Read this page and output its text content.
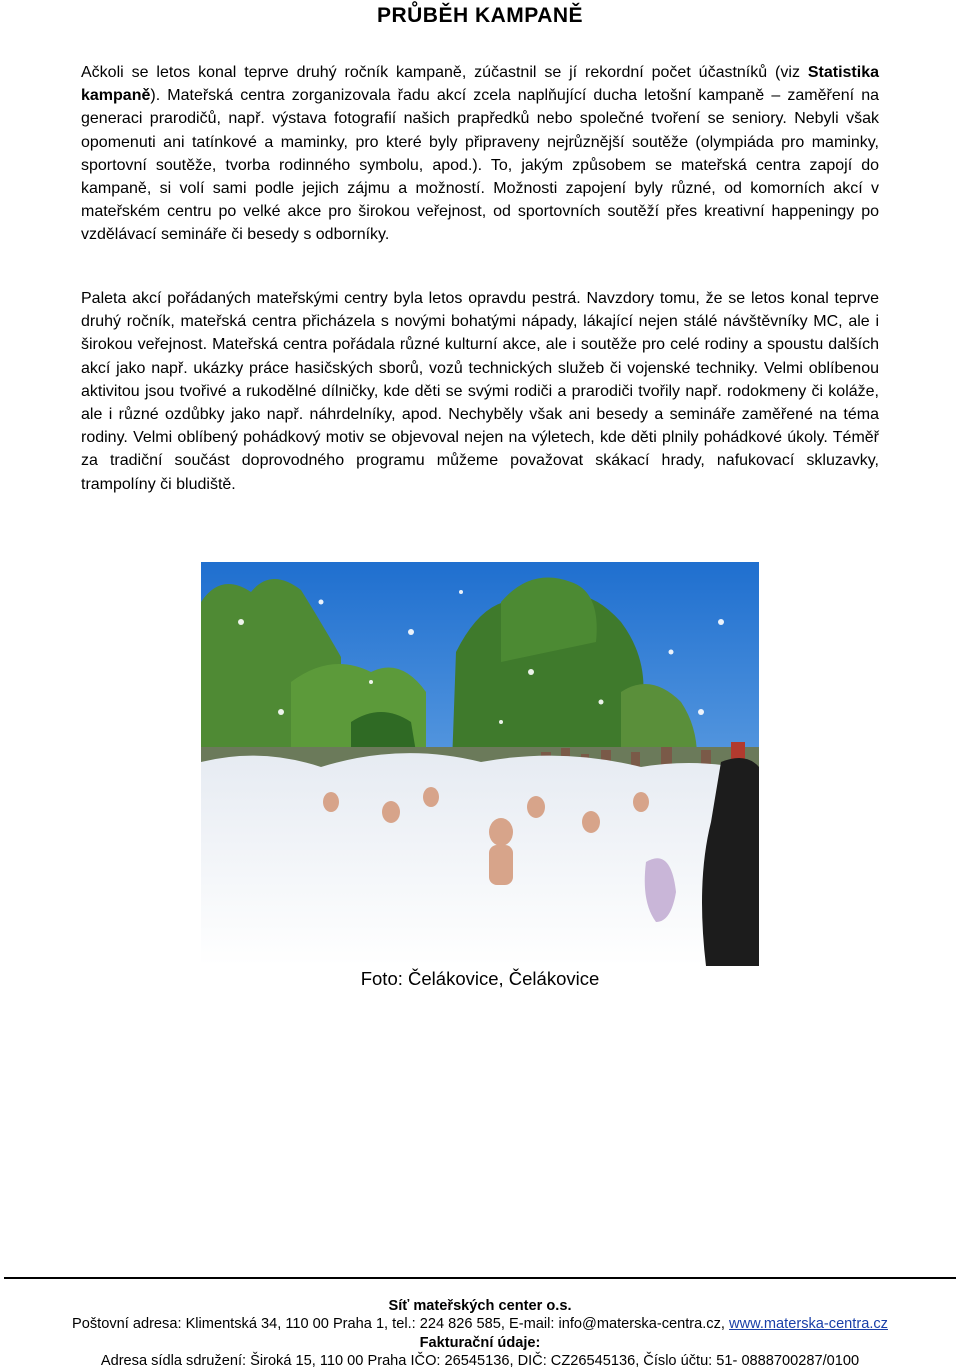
PRŮBĚH KAMPANĚ

Ačkoli se letos konal teprve druhý ročník kampaně, zúčastnil se jí rekordní počet účastníků (viz Statistika kampaně). Mateřská centra zorganizovala řadu akcí zcela naplňující ducha letošní kampaně – zaměření na generaci prarodičů, např. výstava fotografií našich prapředků nebo společné tvoření se seniory. Nebyli však opomenuti ani tatínkové a maminky, pro které byly připraveny nejrůznější soutěže (olympiáda pro maminky, sportovní soutěže, tvorba rodinného symbolu, apod.). To, jakým způsobem se mateřská centra zapojí do kampaně, si volí sami podle jejich zájmu a možností. Možnosti zapojení byly různé, od komorních akcí v mateřském centru po velké akce pro širokou veřejnost, od sportovních soutěží přes kreativní happeningy po vzdělávací semináře či besedy s odborníky.

Paleta akcí pořádaných mateřskými centry byla letos opravdu pestrá. Navzdory tomu, že se letos konal teprve druhý ročník, mateřská centra přicházela s novými bohatými nápady, lákající nejen stálé návštěvníky MC, ale i širokou veřejnost. Mateřská centra pořádala různé kulturní akce, ale i soutěže pro celé rodiny a spoustu dalších akcí jako např. ukázky práce hasičských sborů, vozů technických služeb či vojenské techniky. Velmi oblíbenou aktivitou jsou tvořivé a rukodělné dílničky, kde děti se svými rodiči a prarodiči tvořily např. rodokmeny či koláže, ale i různé ozdůbky jako např. náhrdelníky, apod. Nechyběly však ani besedy a semináře zaměřené na téma rodiny. Velmi oblíbený pohádkový motiv se objevoval nejen na výletech, kde děti plnily pohádkové úkoly. Téměř za tradiční součást doprovodného programu můžeme považovat skákací hrady, nafukovací skluzavky, trampolíny či bludiště.

Foto: Čelákovice, Čelákovice
Síť mateřských center o.s.
Poštovní adresa: Klimentská 34, 110 00 Praha 1, tel.: 224 826 585, E-mail: info@materska-centra.cz, www.materska-centra.cz
Fakturační údaje:
Adresa sídla sdružení: Široká 15, 110 00 Praha IČO: 26545136, DIČ: CZ26545136, Číslo účtu: 51- 0888700287/0100
